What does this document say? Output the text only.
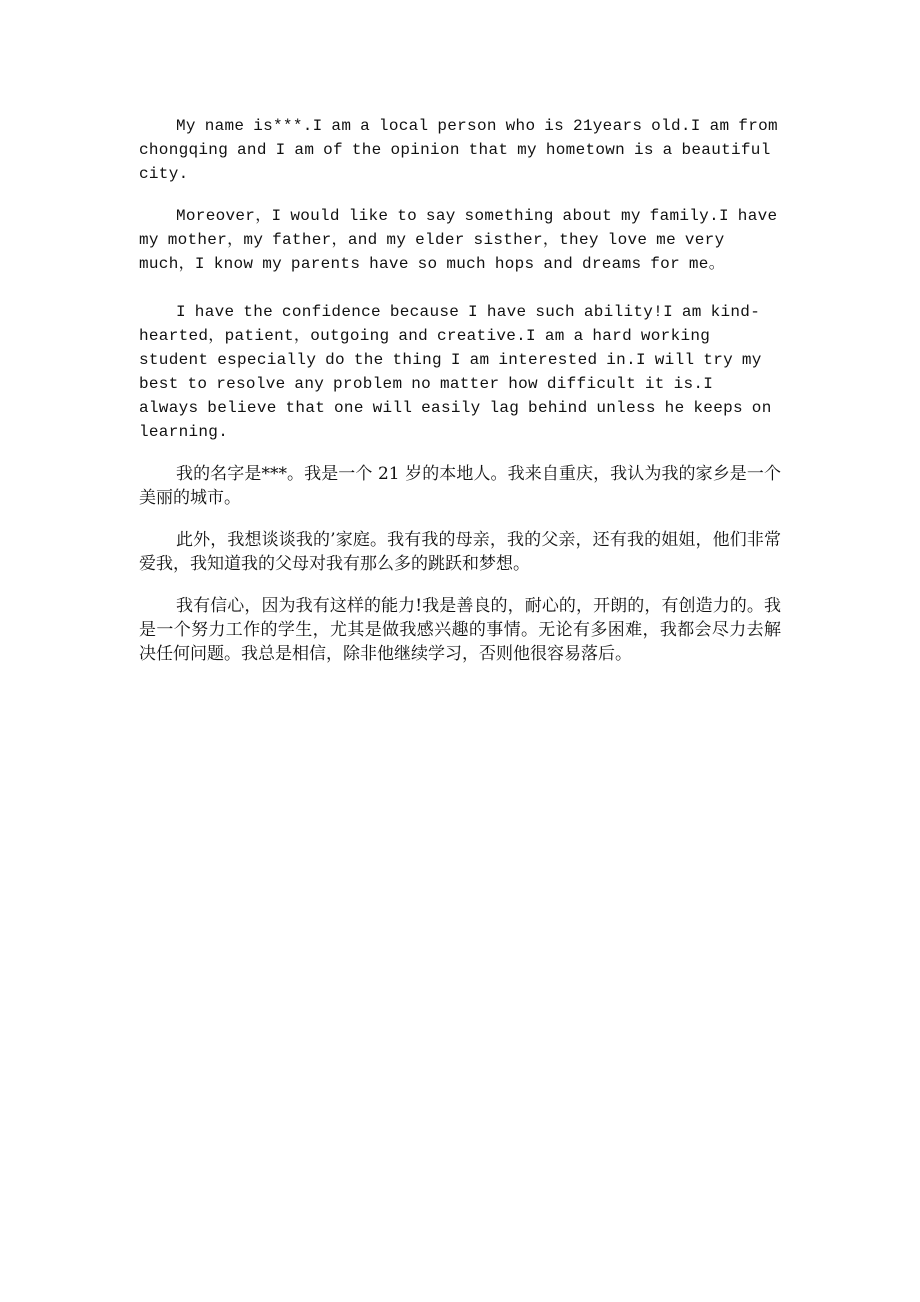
My name is***.I am a local person who is 21years old.I am from chongqing and I am of the opinion that my hometown is a beautiful city.

Moreover，I would like to say something about my family.I have my mother，my father，and my elder sisther，they love me very much，I know my parents have so much hops and dreams for me。

I have the confidence because I have such ability!I am kind-hearted，patient，outgoing and creative.I am a hard working student especially do the thing I am interested in.I will try my best to resolve any problem no matter how difficult it is.I always believe that one will easily lag behind unless he keeps on learning.

我的名字是***。我是一个 21 岁的本地人。我来自重庆，我认为我的家乡是一个美丽的城市。

此外，我想谈谈我的’家庭。我有我的母亲，我的父亲，还有我的姐姐，他们非常爱我，我知道我的父母对我有那么多的跳跃和梦想。

我有信心，因为我有这样的能力!我是善良的，耐心的，开朗的，有创造力的。我是一个努力工作的学生，尤其是做我感兴趣的事情。无论有多困难，我都会尽力去解决任何问题。我总是相信，除非他继续学习，否则他很容易落后。
